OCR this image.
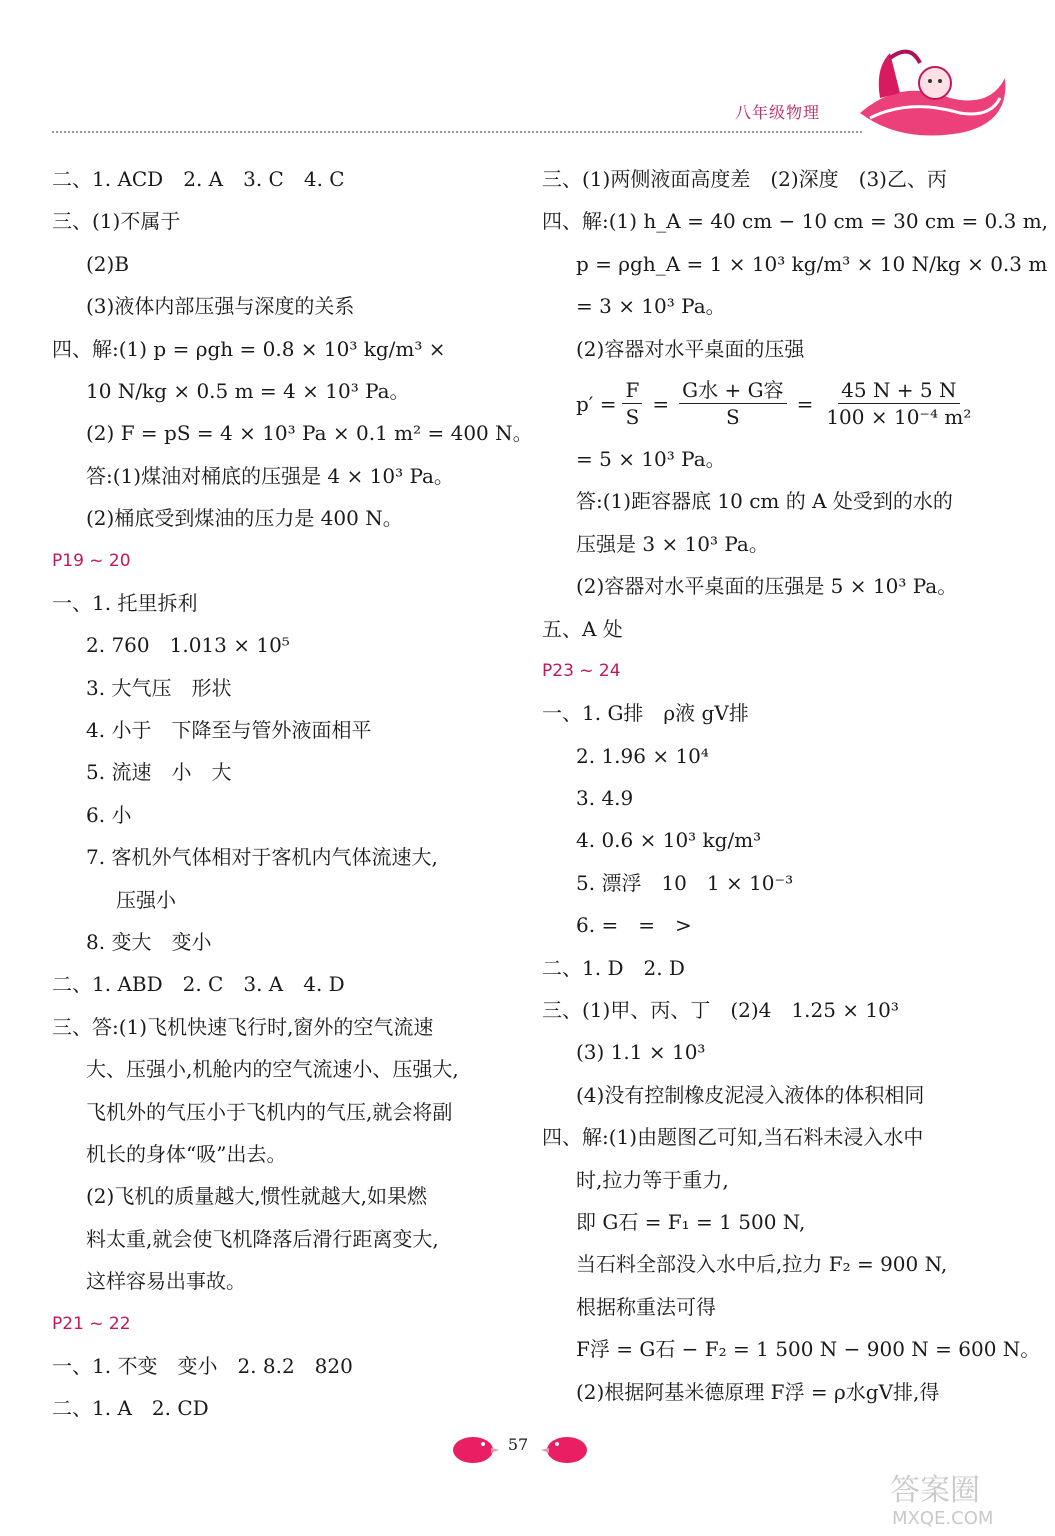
八年级物理
二、1. ACD　2. A　3. C　4. C
三、(1)不属于
(2)B
(3)液体内部压强与深度的关系
四、解:(1) p = ρgh = 0.8 × 10³ kg/m³ ×
10 N/kg × 0.5 m = 4 × 10³ Pa。
(2) F = pS = 4 × 10³ Pa × 0.1 m² = 400 N。
答:(1)煤油对桶底的压强是 4 × 10³ Pa。
(2)桶底受到煤油的压力是 400 N。
P19 ~ 20
一、1. 托里拆利
2. 760　1.013 × 10⁵
3. 大气压　形状
4. 小于　下降至与管外液面相平
5. 流速　小　大
6. 小
7. 客机外气体相对于客机内气体流速大,
压强小
8. 变大　变小
二、1. ABD　2. C　3. A　4. D
三、答:(1)飞机快速飞行时,窗外的空气流速
大、压强小,机舱内的空气流速小、压强大,
飞机外的气压小于飞机内的气压,就会将副
机长的身体“吸”出去。
(2)飞机的质量越大,惯性就越大,如果燃
料太重,就会使飞机降落后滑行距离变大,
这样容易出事故。
P21 ~ 22
一、1. 不变　变小　2. 8.2　820
二、1. A　2. CD
三、(1)两侧液面高度差　(2)深度　(3)乙、丙
四、解:(1) h_A = 40 cm − 10 cm = 30 cm = 0.3 m,
p = ρgh_A = 1 × 10³ kg/m³ × 10 N/kg × 0.3 m
= 3 × 10³ Pa。
(2)容器对水平桌面的压强
$p' = \frac{F}{S} = \frac{\text{G水 + G容}}{S} = \frac{45 N + 5 N}{\text{100 × 10⁻⁴ m²}}$
= 5 × 10³ Pa。
答:(1)距容器底 10 cm 的 A 处受到的水的
压强是 3 × 10³ Pa。
(2)容器对水平桌面的压强是 5 × 10³ Pa。
五、A 处
P23 ~ 24
一、1. G排　ρ液 gV排
2. 1.96 × 10⁴
3. 4.9
4. 0.6 × 10³ kg/m³
5. 漂浮　10　1 × 10⁻³
6. =　=　>
二、1. D　2. D
三、(1)甲、丙、丁　(2)4　1.25 × 10³
(3) 1.1 × 10³
(4)没有控制橡皮泥浸入液体的体积相同
四、解:(1)由题图乙可知,当石料未浸入水中
时,拉力等于重力,
即 G石 = F₁ = 1 500 N,
当石料全部没入水中后,拉力 F₂ = 900 N,
根据称重法可得
F浮 = G石 − F₂ = 1 500 N − 900 N = 600 N。
(2)根据阿基米德原理 F浮 = ρ水gV排,得
57
答案圈
MXQE.COM
